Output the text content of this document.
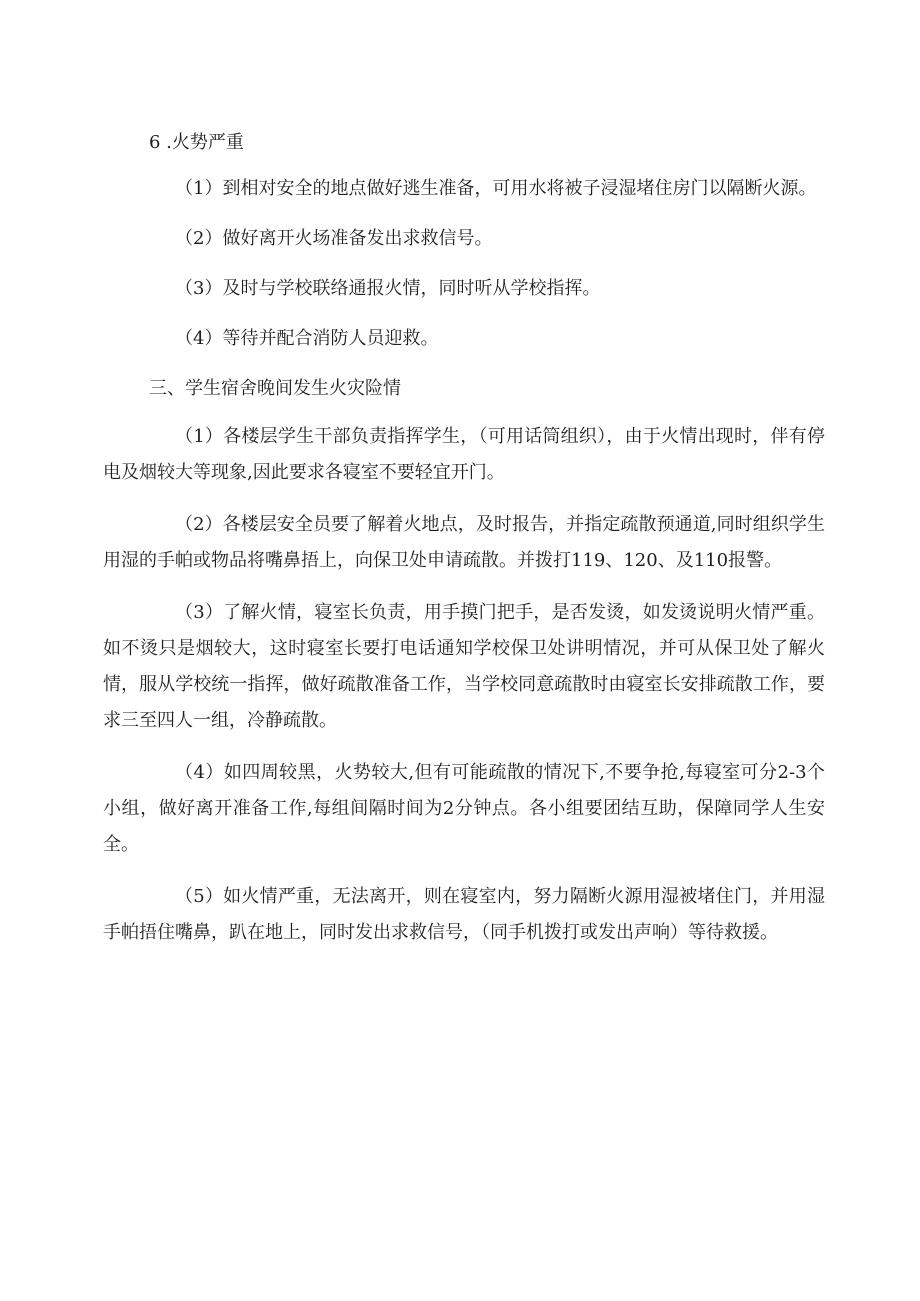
6 .火势严重

（1）到相对安全的地点做好逃生准备，可用水将被子浸湿堵住房门以隔断火源。

（2）做好离开火场准备发出求救信号。

（3）及时与学校联络通报火情，同时听从学校指挥。

（4）等待并配合消防人员迎救。

三、学生宿舍晚间发生火灾险情

（1）各楼层学生干部负责指挥学生，（可用话筒组织），由于火情出现时，伴有停电及烟较大等现象,因此要求各寝室不要轻宜开门。

（2）各楼层安全员要了解着火地点，及时报告，并指定疏散预通道,同时组织学生用湿的手帕或物品将嘴鼻捂上，向保卫处申请疏散。并拨打119、120、及110报警。

（3）了解火情，寝室长负责，用手摸门把手，是否发烫，如发烫说明火情严重。如不烫只是烟较大，这时寝室长要打电话通知学校保卫处讲明情况，并可从保卫处了解火情，服从学校统一指挥，做好疏散准备工作，当学校同意疏散时由寝室长安排疏散工作，要求三至四人一组，冷静疏散。

（4）如四周较黑，火势较大,但有可能疏散的情况下,不要争抢,每寝室可分2-3个小组，做好离开准备工作,每组间隔时间为2分钟点。各小组要团结互助，保障同学人生安全。

（5）如火情严重，无法离开，则在寝室内，努力隔断火源用湿被堵住门，并用湿手帕捂住嘴鼻，趴在地上，同时发出求救信号，（同手机拨打或发出声响）等待救援。
